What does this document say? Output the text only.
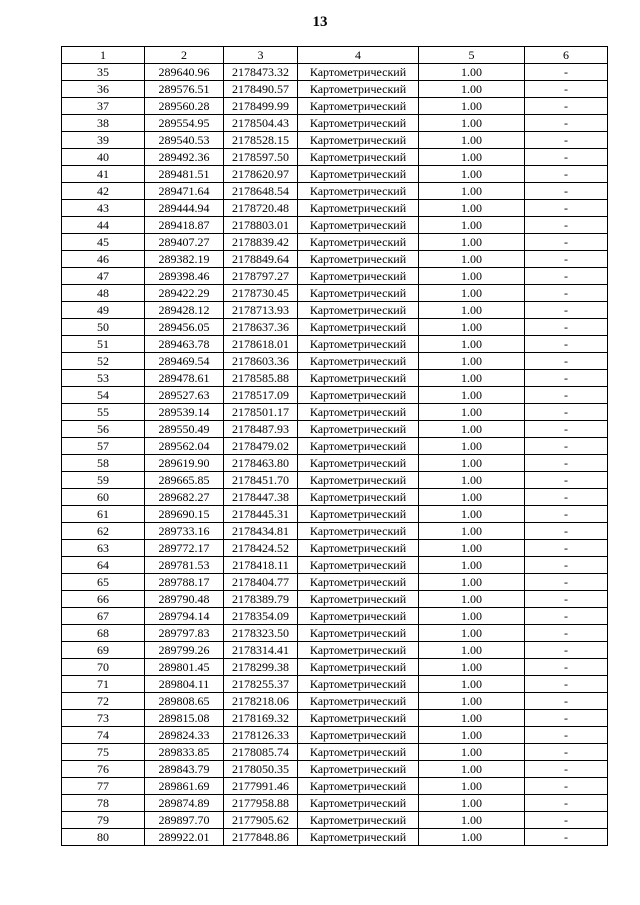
13
1	2	3	4	5	6
35	289640.96	2178473.32	Картометрический	1.00	-
36	289576.51	2178490.57	Картометрический	1.00	-
37	289560.28	2178499.99	Картометрический	1.00	-
38	289554.95	2178504.43	Картометрический	1.00	-
39	289540.53	2178528.15	Картометрический	1.00	-
40	289492.36	2178597.50	Картометрический	1.00	-
41	289481.51	2178620.97	Картометрический	1.00	-
42	289471.64	2178648.54	Картометрический	1.00	-
43	289444.94	2178720.48	Картометрический	1.00	-
44	289418.87	2178803.01	Картометрический	1.00	-
45	289407.27	2178839.42	Картометрический	1.00	-
46	289382.19	2178849.64	Картометрический	1.00	-
47	289398.46	2178797.27	Картометрический	1.00	-
48	289422.29	2178730.45	Картометрический	1.00	-
49	289428.12	2178713.93	Картометрический	1.00	-
50	289456.05	2178637.36	Картометрический	1.00	-
51	289463.78	2178618.01	Картометрический	1.00	-
52	289469.54	2178603.36	Картометрический	1.00	-
53	289478.61	2178585.88	Картометрический	1.00	-
54	289527.63	2178517.09	Картометрический	1.00	-
55	289539.14	2178501.17	Картометрический	1.00	-
56	289550.49	2178487.93	Картометрический	1.00	-
57	289562.04	2178479.02	Картометрический	1.00	-
58	289619.90	2178463.80	Картометрический	1.00	-
59	289665.85	2178451.70	Картометрический	1.00	-
60	289682.27	2178447.38	Картометрический	1.00	-
61	289690.15	2178445.31	Картометрический	1.00	-
62	289733.16	2178434.81	Картометрический	1.00	-
63	289772.17	2178424.52	Картометрический	1.00	-
64	289781.53	2178418.11	Картометрический	1.00	-
65	289788.17	2178404.77	Картометрический	1.00	-
66	289790.48	2178389.79	Картометрический	1.00	-
67	289794.14	2178354.09	Картометрический	1.00	-
68	289797.83	2178323.50	Картометрический	1.00	-
69	289799.26	2178314.41	Картометрический	1.00	-
70	289801.45	2178299.38	Картометрический	1.00	-
71	289804.11	2178255.37	Картометрический	1.00	-
72	289808.65	2178218.06	Картометрический	1.00	-
73	289815.08	2178169.32	Картометрический	1.00	-
74	289824.33	2178126.33	Картометрический	1.00	-
75	289833.85	2178085.74	Картометрический	1.00	-
76	289843.79	2178050.35	Картометрический	1.00	-
77	289861.69	2177991.46	Картометрический	1.00	-
78	289874.89	2177958.88	Картометрический	1.00	-
79	289897.70	2177905.62	Картометрический	1.00	-
80	289922.01	2177848.86	Картометрический	1.00	-
